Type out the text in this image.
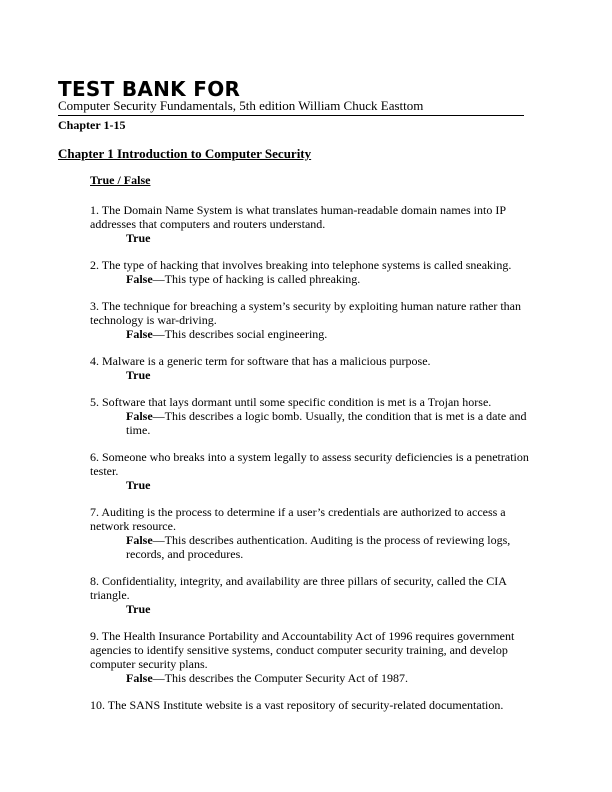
TEST BANK FOR
Computer Security Fundamentals, 5th edition William Chuck Easttom
Chapter 1-15
Chapter 1 Introduction to Computer Security
True / False
1. The Domain Name System is what translates human-readable domain names into IP addresses that computers and routers understand.
True
2. The type of hacking that involves breaking into telephone systems is called sneaking.
False—This type of hacking is called phreaking.
3. The technique for breaching a system’s security by exploiting human nature rather than technology is war-driving.
False—This describes social engineering.
4. Malware is a generic term for software that has a malicious purpose.
True
5. Software that lays dormant until some specific condition is met is a Trojan horse.
False—This describes a logic bomb. Usually, the condition that is met is a date and time.
6. Someone who breaks into a system legally to assess security deficiencies is a penetration tester.
True
7. Auditing is the process to determine if a user’s credentials are authorized to access a network resource.
False—This describes authentication. Auditing is the process of reviewing logs, records, and procedures.
8. Confidentiality, integrity, and availability are three pillars of security, called the CIA triangle.
True
9. The Health Insurance Portability and Accountability Act of 1996 requires government agencies to identify sensitive systems, conduct computer security training, and develop computer security plans.
False—This describes the Computer Security Act of 1987.
10. The SANS Institute website is a vast repository of security-related documentation.
